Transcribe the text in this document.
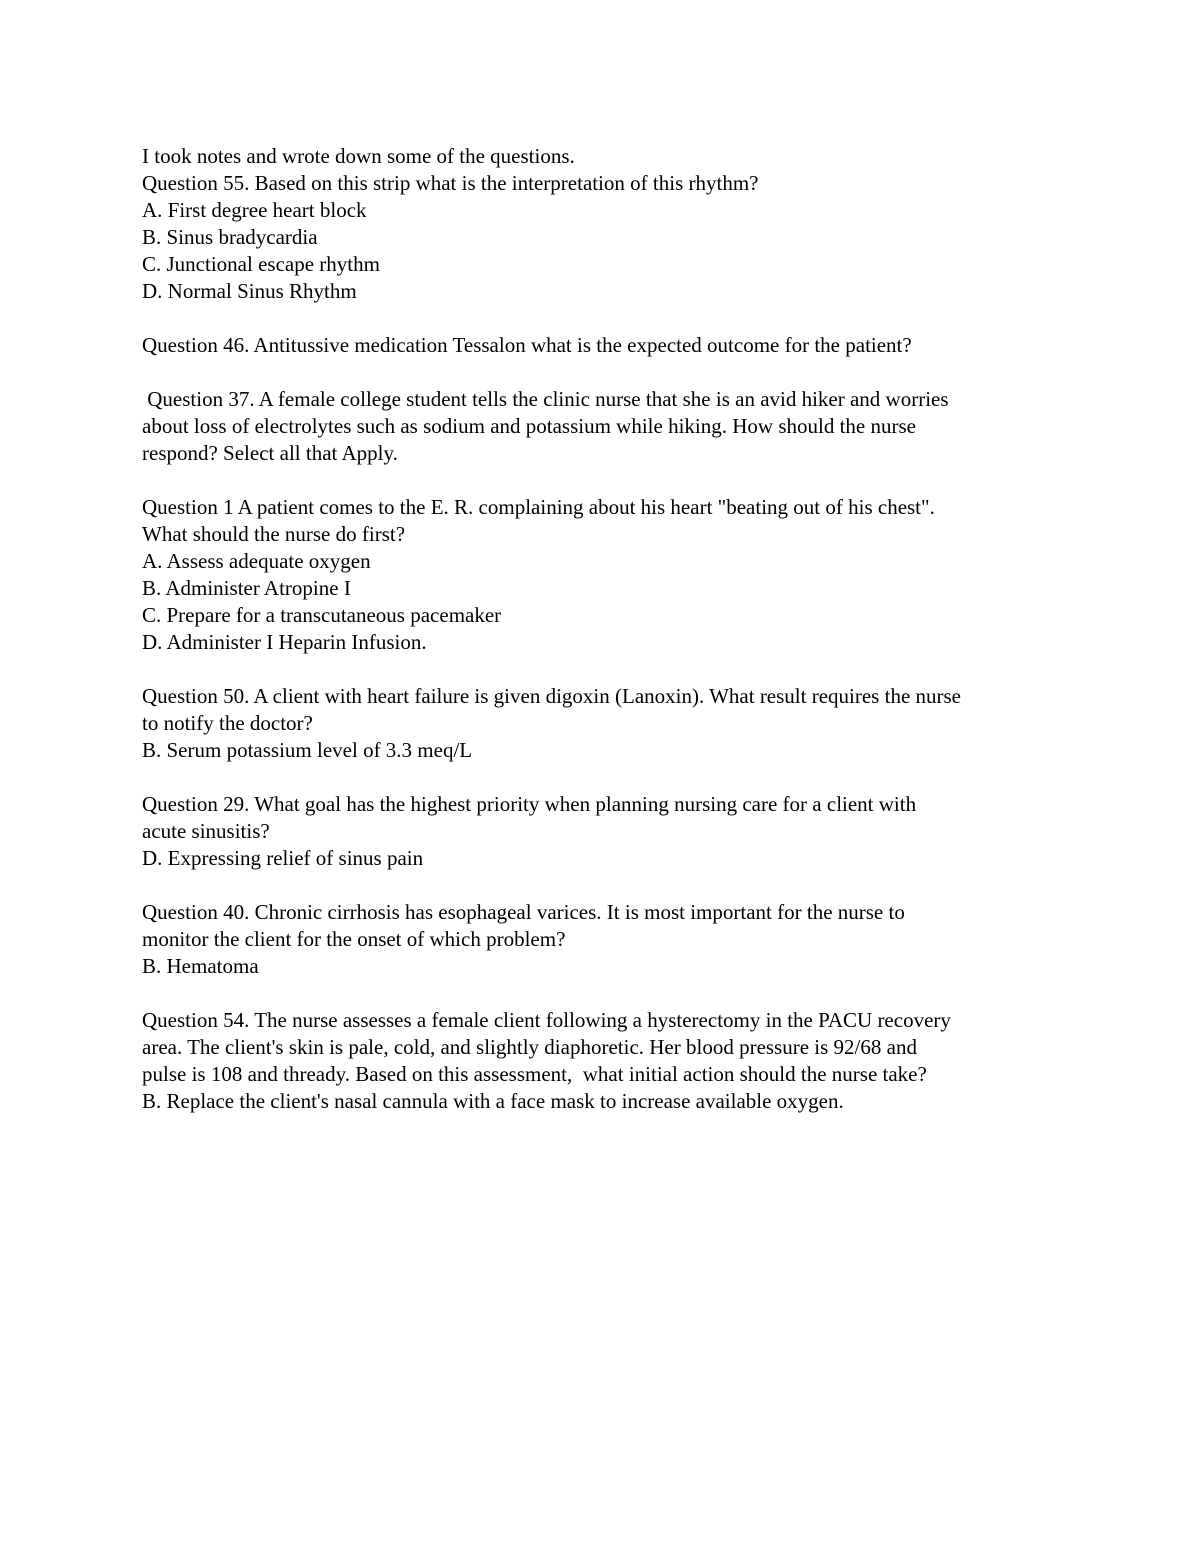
I took notes and wrote down some of the questions.
Question 55. Based on this strip what is the interpretation of this rhythm?
A. First degree heart block
B. Sinus bradycardia
C. Junctional escape rhythm
D. Normal Sinus Rhythm
Question 46. Antitussive medication Tessalon what is the expected outcome for the patient?
Question 37. A female college student tells the clinic nurse that she is an avid hiker and worries
about loss of electrolytes such as sodium and potassium while hiking. How should the nurse
respond? Select all that Apply.
Question 1 A patient comes to the E. R. complaining about his heart "beating out of his chest".
What should the nurse do first?
A. Assess adequate oxygen
B. Administer Atropine I
C. Prepare for a transcutaneous pacemaker
D. Administer I Heparin Infusion.
Question 50. A client with heart failure is given digoxin (Lanoxin). What result requires the nurse
to notify the doctor?
B. Serum potassium level of 3.3 meq/L
Question 29. What goal has the highest priority when planning nursing care for a client with
acute sinusitis?
D. Expressing relief of sinus pain
Question 40. Chronic cirrhosis has esophageal varices. It is most important for the nurse to
monitor the client for the onset of which problem?
B. Hematoma
Question 54. The nurse assesses a female client following a hysterectomy in the PACU recovery
area. The client's skin is pale, cold, and slightly diaphoretic. Her blood pressure is 92/68 and
pulse is 108 and thready. Based on this assessment,  what initial action should the nurse take?
B. Replace the client's nasal cannula with a face mask to increase available oxygen.
